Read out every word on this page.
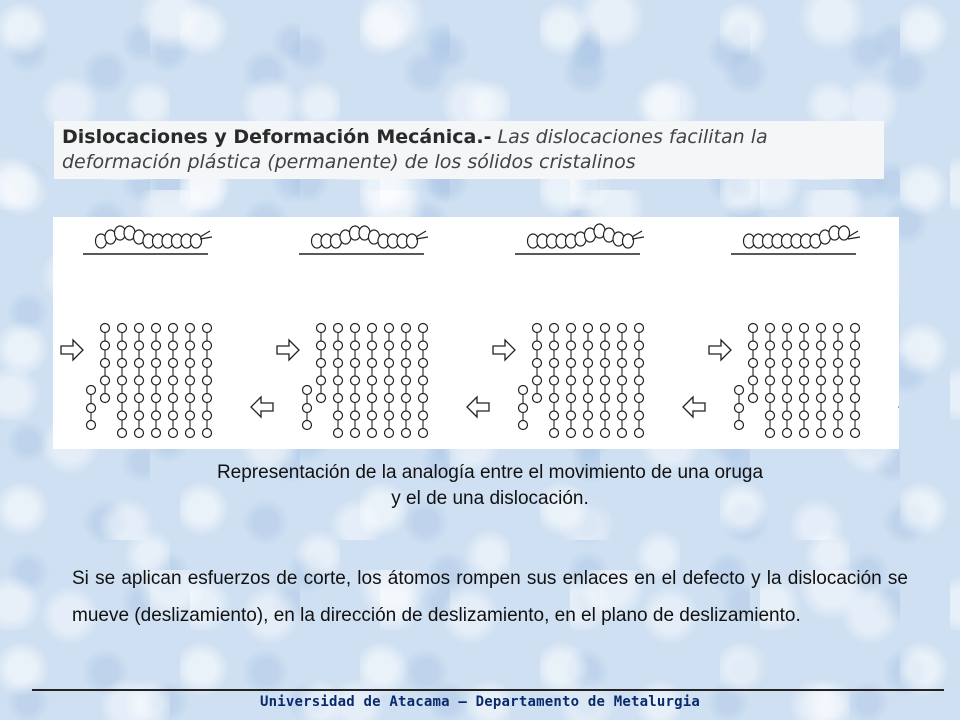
Dislocaciones y Deformación Mecánica.- Las dislocaciones facilitan la deformación plástica (permanente) de los sólidos cristalinos
Representación de la analogía entre el movimiento de una oruga
y el de una dislocación.
Si se aplican esfuerzos de corte, los átomos rompen sus enlaces en el defecto y la dislocación se mueve (deslizamiento), en la dirección de deslizamiento, en el plano de deslizamiento.
Universidad de Atacama – Departamento de Metalurgia
